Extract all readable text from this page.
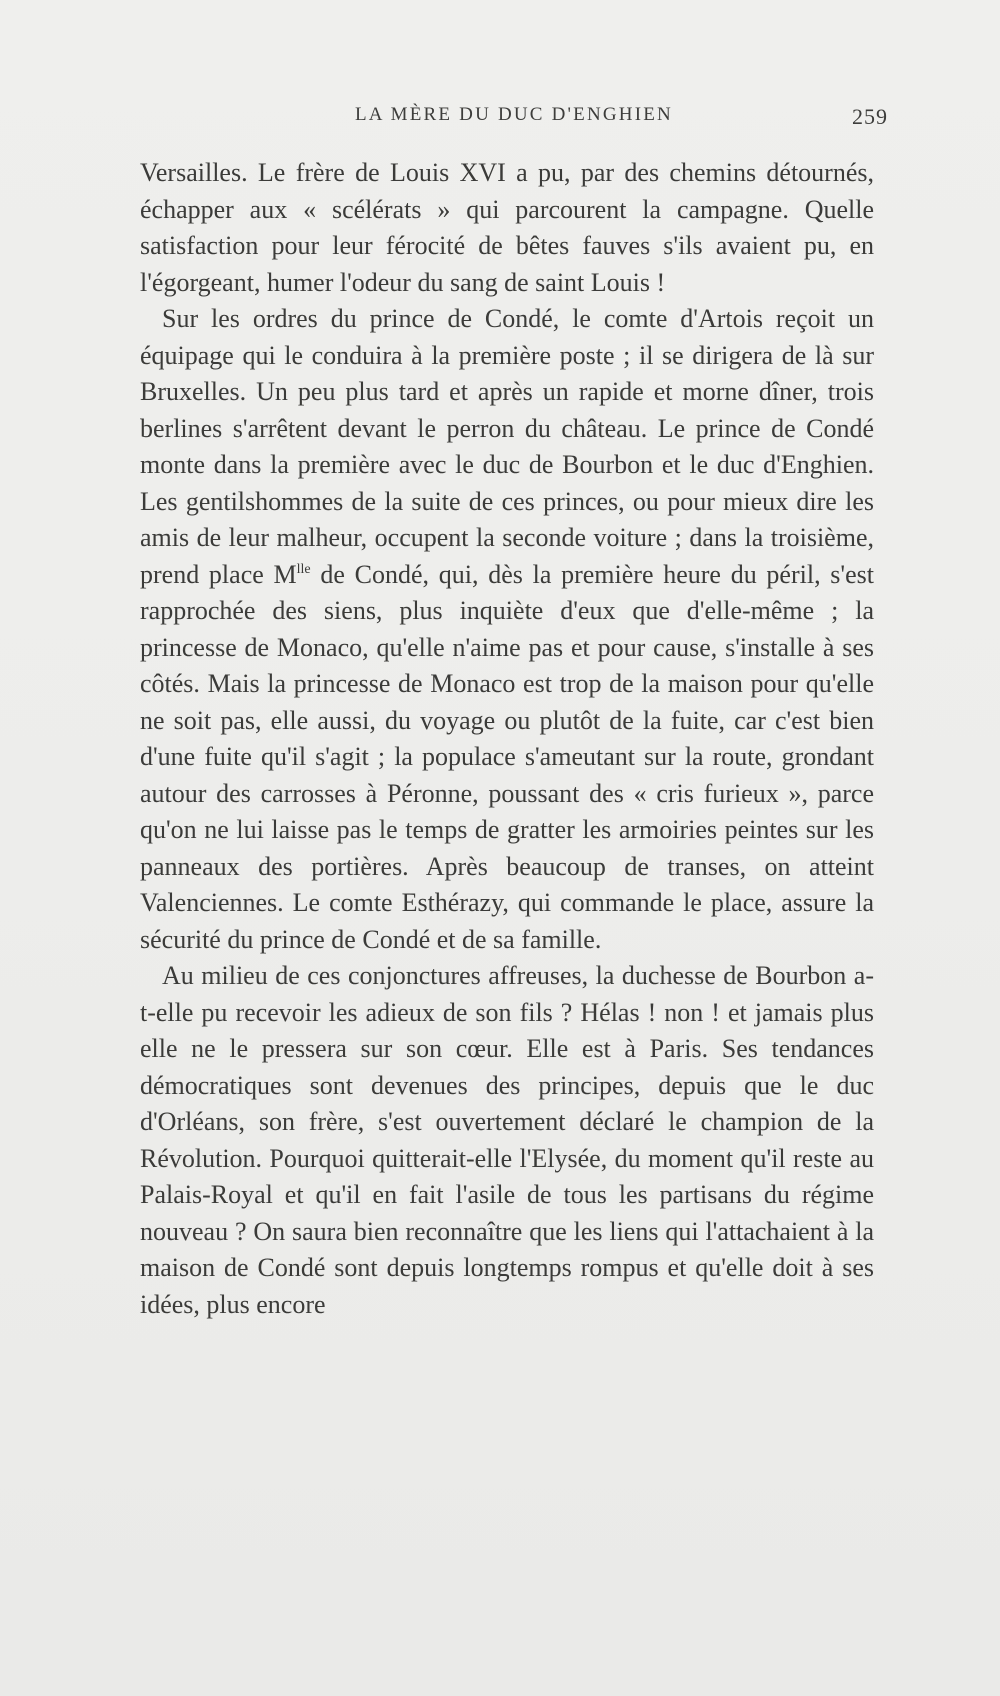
LA MÈRE DU DUC D'ENGHIEN	259

Versailles. Le frère de Louis XVI a pu, par des chemins détournés, échapper aux « scélérats » qui parcourent la campagne. Quelle satisfaction pour leur férocité de bêtes fauves s'ils avaient pu, en l'égorgeant, humer l'odeur du sang de saint Louis !

Sur les ordres du prince de Condé, le comte d'Artois reçoit un équipage qui le conduira à la première poste ; il se dirigera de là sur Bruxelles. Un peu plus tard et après un rapide et morne dîner, trois berlines s'arrêtent devant le perron du château. Le prince de Condé monte dans la première avec le duc de Bourbon et le duc d'Enghien. Les gentilshommes de la suite de ces princes, ou pour mieux dire les amis de leur malheur, occupent la seconde voiture ; dans la troisième, prend place $M^{lle}$ de Condé, qui, dès la première heure du péril, s'est rapprochée des siens, plus inquiète d'eux que d'elle-même ; la princesse de Monaco, qu'elle n'aime pas et pour cause, s'installe à ses côtés. Mais la princesse de Monaco est trop de la maison pour qu'elle ne soit pas, elle aussi, du voyage ou plutôt de la fuite, car c'est bien d'une fuite qu'il s'agit ; la populace s'ameutant sur la route, grondant autour des carrosses à Péronne, poussant des « cris furieux », parce qu'on ne lui laisse pas le temps de gratter les armoiries peintes sur les panneaux des portières. Après beaucoup de transes, on atteint Valenciennes. Le comte Esthérazy, qui commande le place, assure la sécurité du prince de Condé et de sa famille.

Au milieu de ces conjonctures affreuses, la duchesse de Bourbon a-t-elle pu recevoir les adieux de son fils ? Hélas ! non ! et jamais plus elle ne le pressera sur son cœur. Elle est à Paris. Ses tendances démocratiques sont devenues des principes, depuis que le duc d'Orléans, son frère, s'est ouvertement déclaré le champion de la Révolution. Pourquoi quitterait-elle l'Elysée, du moment qu'il reste au Palais-Royal et qu'il en fait l'asile de tous les partisans du régime nouveau ? On saura bien reconnaître que les liens qui l'attachaient à la maison de Condé sont depuis longtemps rompus et qu'elle doit à ses idées, plus encore
